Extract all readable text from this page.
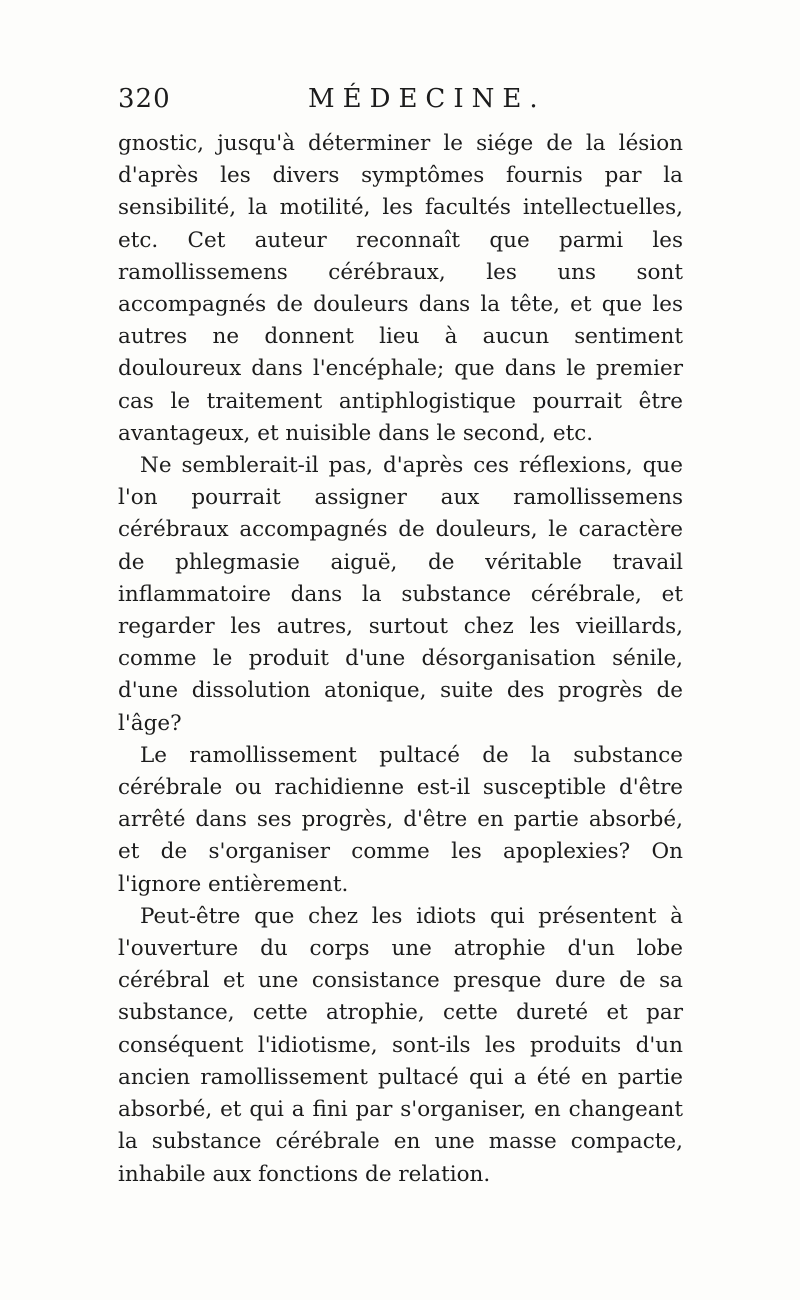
320	MÉDECINE.

gnostic, jusqu'à déterminer le siége de la lésion d'après les divers symptômes fournis par la sensibilité, la motilité, les facultés intellectuelles, etc. Cet auteur reconnaît que parmi les ramollissemens cérébraux, les uns sont accompagnés de douleurs dans la tête, et que les autres ne donnent lieu à aucun sentiment douloureux dans l'encéphale; que dans le premier cas le traitement antiphlogistique pourrait être avantageux, et nuisible dans le second, etc.

Ne semblerait-il pas, d'après ces réflexions, que l'on pourrait assigner aux ramollissemens cérébraux accompagnés de douleurs, le caractère de phlegmasie aiguë, de véritable travail inflammatoire dans la substance cérébrale, et regarder les autres, surtout chez les vieillards, comme le produit d'une désorganisation sénile, d'une dissolution atonique, suite des progrès de l'âge?

Le ramollissement pultacé de la substance cérébrale ou rachidienne est-il susceptible d'être arrêté dans ses progrès, d'être en partie absorbé, et de s'organiser comme les apoplexies? On l'ignore entièrement.

Peut-être que chez les idiots qui présentent à l'ouverture du corps une atrophie d'un lobe cérébral et une consistance presque dure de sa substance, cette atrophie, cette dureté et par conséquent l'idiotisme, sont-ils les produits d'un ancien ramollissement pultacé qui a été en partie absorbé, et qui a fini par s'organiser, en changeant la substance cérébrale en une masse compacte, inhabile aux fonctions de relation.
